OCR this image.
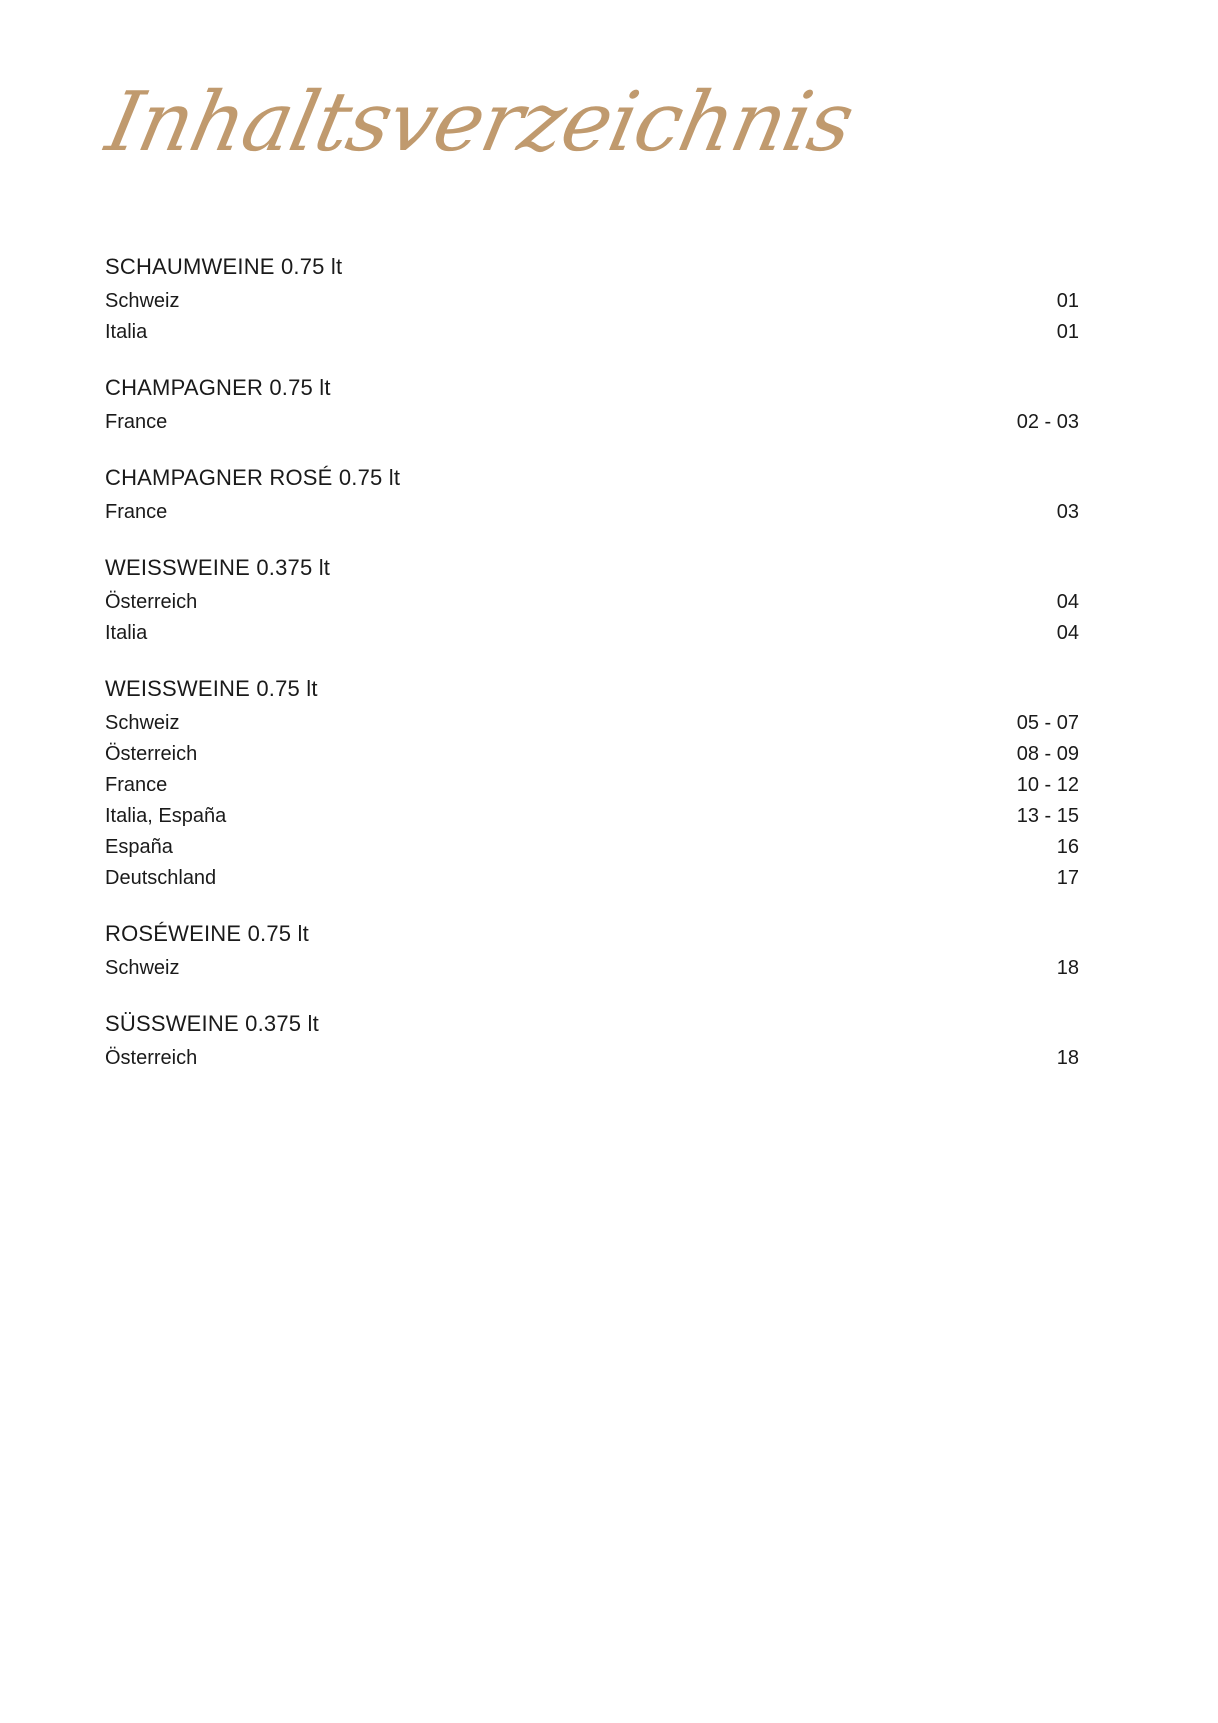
Inhaltsverzeichnis
SCHAUMWEINE 0.75 lt
Schweiz	01
Italia	01
CHAMPAGNER 0.75 lt
France	02 - 03
CHAMPAGNER ROSÉ 0.75 lt
France	03
WEISSWEINE 0.375 lt
Österreich	04
Italia	04
WEISSWEINE 0.75 lt
Schweiz	05 - 07
Österreich	08 - 09
France	10 - 12
Italia, España	13 - 15
España	16
Deutschland	17
ROSÉWEINE 0.75 lt
Schweiz	18
SÜSSWEINE 0.375 lt
Österreich	18
